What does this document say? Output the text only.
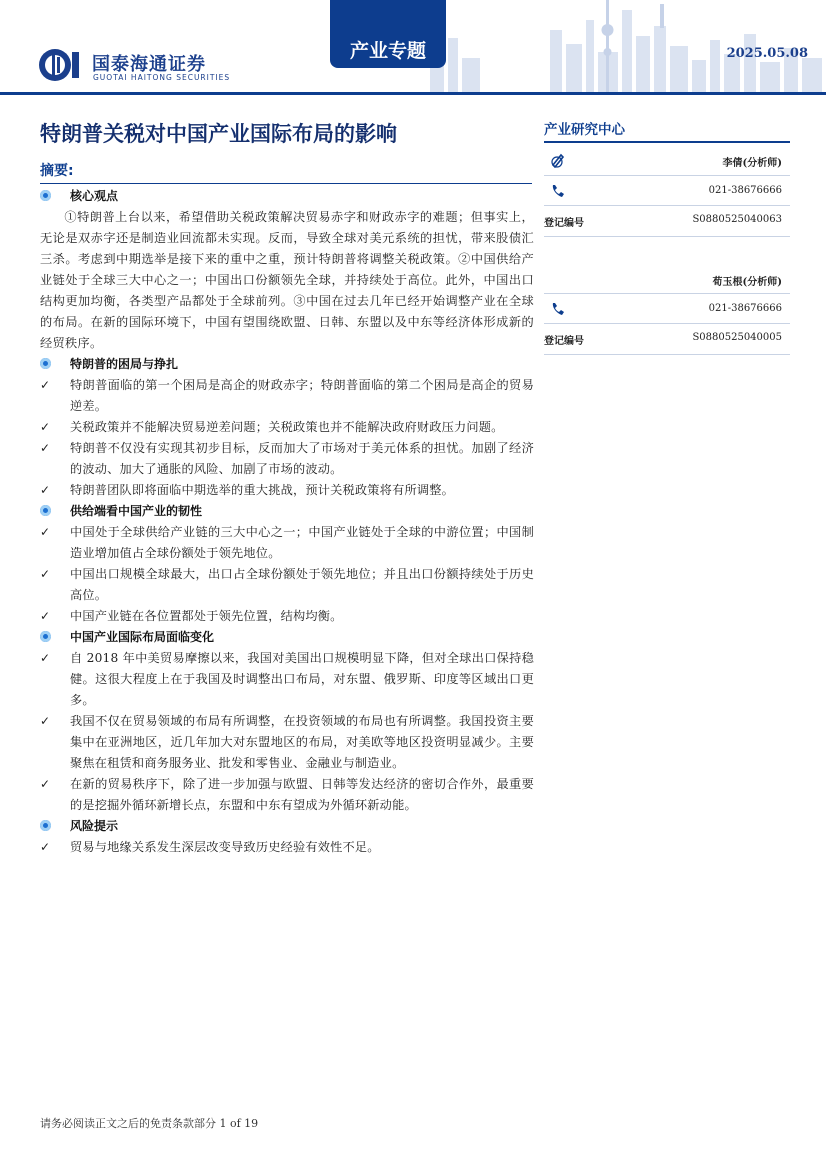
国泰海通证券
GUOTAI HAITONG SECURITIES
产业专题	2025.05.08
特朗普关税对中国产业国际布局的影响
摘要:
核心观点
①特朗普上台以来，希望借助关税政策解决贸易赤字和财政赤字的难题；但事实上，无论是双赤字还是制造业回流都未实现。反而，导致全球对美元系统的担忧，带来股债汇三杀。考虑到中期选举是接下来的重中之重，预计特朗普将调整关税政策。②中国供给产业链处于全球三大中心之一；中国出口份额领先全球，并持续处于高位。此外，中国出口结构更加均衡，各类型产品都处于全球前列。③中国在过去几年已经开始调整产业在全球的布局。在新的国际环境下，中国有望围绕欧盟、日韩、东盟以及中东等经济体形成新的经贸秩序。
特朗普的困局与挣扎
✓ 特朗普面临的第一个困局是高企的财政赤字；特朗普面临的第二个困局是高企的贸易逆差。
✓ 关税政策并不能解决贸易逆差问题；关税政策也并不能解决政府财政压力问题。
✓ 特朗普不仅没有实现其初步目标，反而加大了市场对于美元体系的担忧。加剧了经济的波动、加大了通胀的风险、加剧了市场的波动。
✓ 特朗普团队即将面临中期选举的重大挑战，预计关税政策将有所调整。
供给端看中国产业的韧性
✓ 中国处于全球供给产业链的三大中心之一；中国产业链处于全球的中游位置；中国制造业增加值占全球份额处于领先地位。
✓ 中国出口规模全球最大，出口占全球份额处于领先地位；并且出口份额持续处于历史高位。
✓ 中国产业链在各位置都处于领先位置，结构均衡。
中国产业国际布局面临变化
✓ 自 2018 年中美贸易摩擦以来，我国对美国出口规模明显下降，但对全球出口保持稳健。这很大程度上在于我国及时调整出口布局，对东盟、俄罗斯、印度等区域出口更多。
✓ 我国不仅在贸易领域的布局有所调整，在投资领域的布局也有所调整。我国投资主要集中在亚洲地区，近几年加大对东盟地区的布局，对美欧等地区投资明显减少。主要聚焦在租赁和商务服务业、批发和零售业、金融业与制造业。
✓ 在新的贸易秩序下，除了进一步加强与欧盟、日韩等发达经济的密切合作外，最重要的是挖掘外循环新增长点，东盟和中东有望成为外循环新动能。
风险提示
✓ 贸易与地缘关系发生深层改变导致历史经验有效性不足。
产业研究中心
李倩(分析师)
021-38676666
登记编号	S0880525040063
荀玉根(分析师)
021-38676666
登记编号	S0880525040005
请务必阅读正文之后的免责条款部分 1 of 19
